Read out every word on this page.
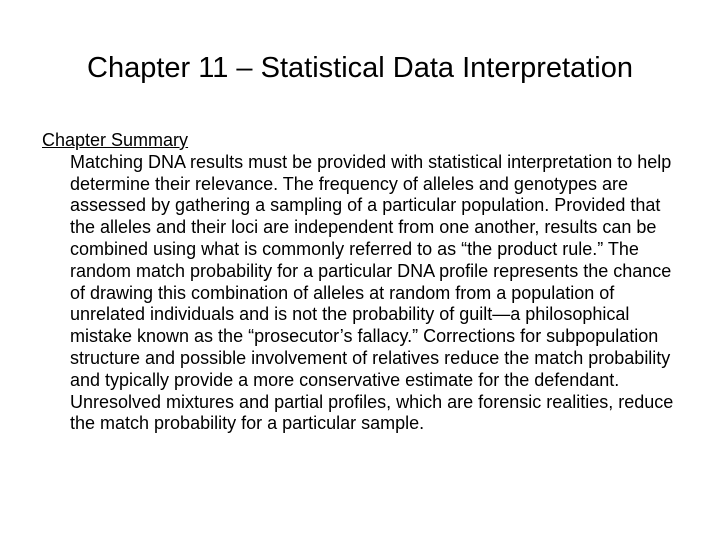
Chapter 11 – Statistical Data Interpretation

Chapter Summary

Matching DNA results must be provided with statistical interpretation to help determine their relevance. The frequency of alleles and genotypes are assessed by gathering a sampling of a particular population. Provided that the alleles and their loci are independent from one another, results can be combined using what is commonly referred to as “the product rule.” The random match probability for a particular DNA profile represents the chance of drawing this combination of alleles at random from a population of unrelated individuals and is not the probability of guilt—a philosophical mistake known as the “prosecutor’s fallacy.” Corrections for subpopulation structure and possible involvement of relatives reduce the match probability and typically provide a more conservative estimate for the defendant. Unresolved mixtures and partial profiles, which are forensic realities, reduce the match probability for a particular sample.
